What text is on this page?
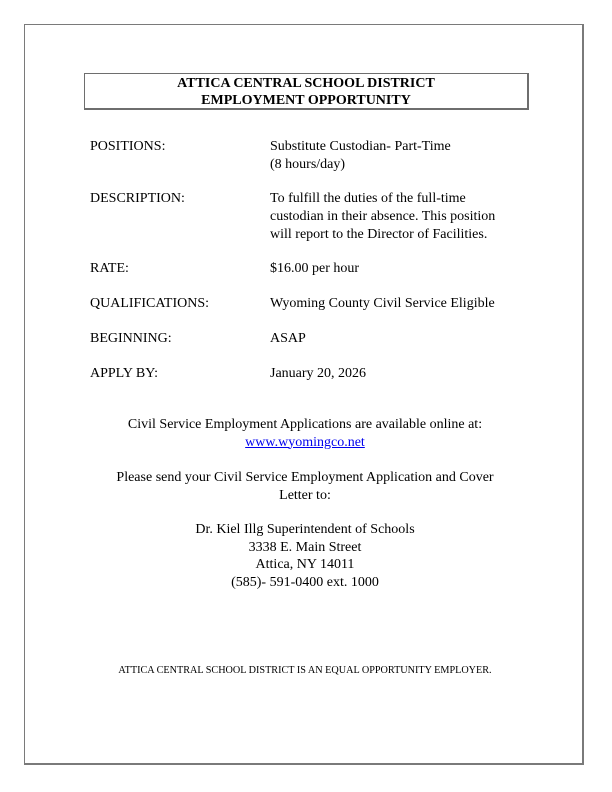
ATTICA CENTRAL SCHOOL DISTRICT
EMPLOYMENT OPPORTUNITY
POSITIONS:	Substitute Custodian- Part-Time
(8 hours/day)
DESCRIPTION:	To fulfill the duties of the full-time
custodian in their absence. This position
will report to the Director of Facilities.
RATE:	$16.00 per hour
QUALIFICATIONS:	Wyoming County Civil Service Eligible
BEGINNING:	ASAP
APPLY BY:	January 20, 2026
Civil Service Employment Applications are available online at:
www.wyomingco.net
Please send your Civil Service Employment Application and Cover
Letter to:
Dr. Kiel Illg Superintendent of Schools
3338 E. Main Street
Attica, NY 14011
(585)- 591-0400 ext. 1000
ATTICA CENTRAL SCHOOL DISTRICT IS AN EQUAL OPPORTUNITY EMPLOYER.
